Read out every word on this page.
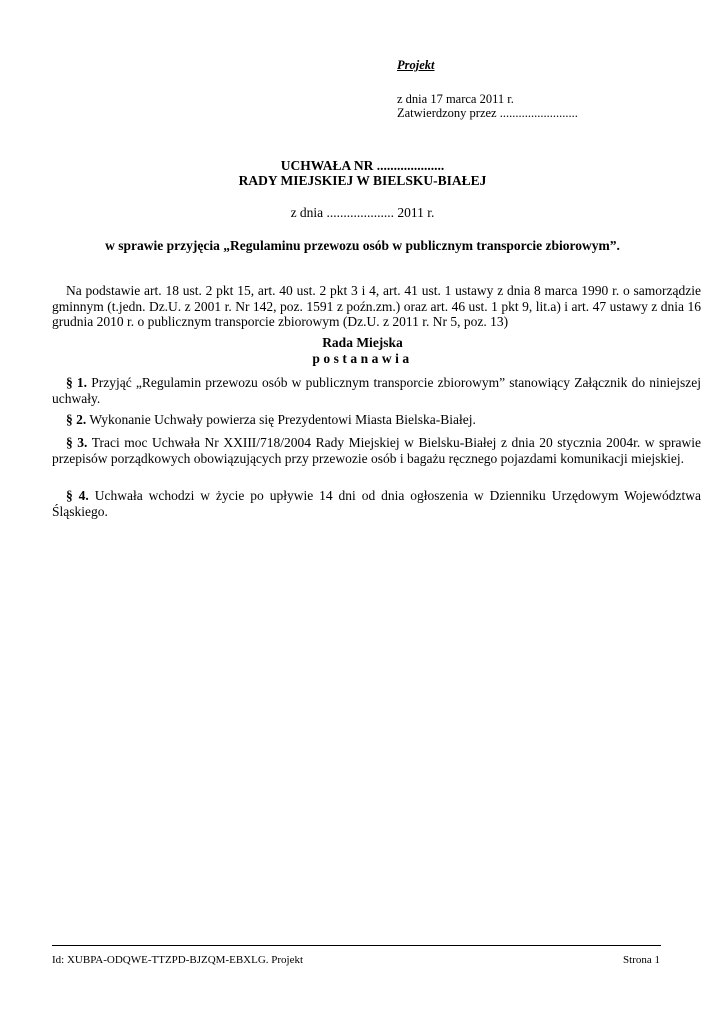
Projekt
z dnia 17 marca 2011 r.
Zatwierdzony przez .........................
UCHWAŁA NR ....................
RADY MIEJSKIEJ W BIELSKU-BIAŁEJ
z dnia .................... 2011 r.
w sprawie przyjęcia „Regulaminu przewozu osób w publicznym transporcie zbiorowym”.

Na podstawie art. 18 ust. 2 pkt 15, art. 40 ust. 2 pkt 3 i 4, art. 41 ust. 1 ustawy z dnia 8 marca 1990 r. o samorządzie gminnym (t.jedn. Dz.U. z 2001 r. Nr 142, poz. 1591 z poźn.zm.) oraz art. 46 ust. 1 pkt 9, lit.a) i art. 47 ustawy z dnia 16 grudnia 2010 r. o publicznym transporcie zbiorowym (Dz.U. z 2011 r. Nr 5, poz. 13)

Rada Miejska
postanawia

§ 1. Przyjąć „Regulamin przewozu osób w publicznym transporcie zbiorowym” stanowiący Załącznik do niniejszej uchwały.

§ 2. Wykonanie Uchwały powierza się Prezydentowi Miasta Bielska-Białej.

§ 3. Traci moc Uchwała Nr XXIII/718/2004 Rady Miejskiej w Bielsku-Białej z dnia 20 stycznia 2004r. w sprawie przepisów porządkowych obowiązujących przy przewozie osób i bagażu ręcznego pojazdami komunikacji miejskiej.

§ 4. Uchwała wchodzi w życie po upływie 14 dni od dnia ogłoszenia w Dzienniku Urzędowym Województwa Śląskiego.

Id: XUBPA-ODQWE-TTZPD-BJZQM-EBXLG. Projekt	Strona 1
